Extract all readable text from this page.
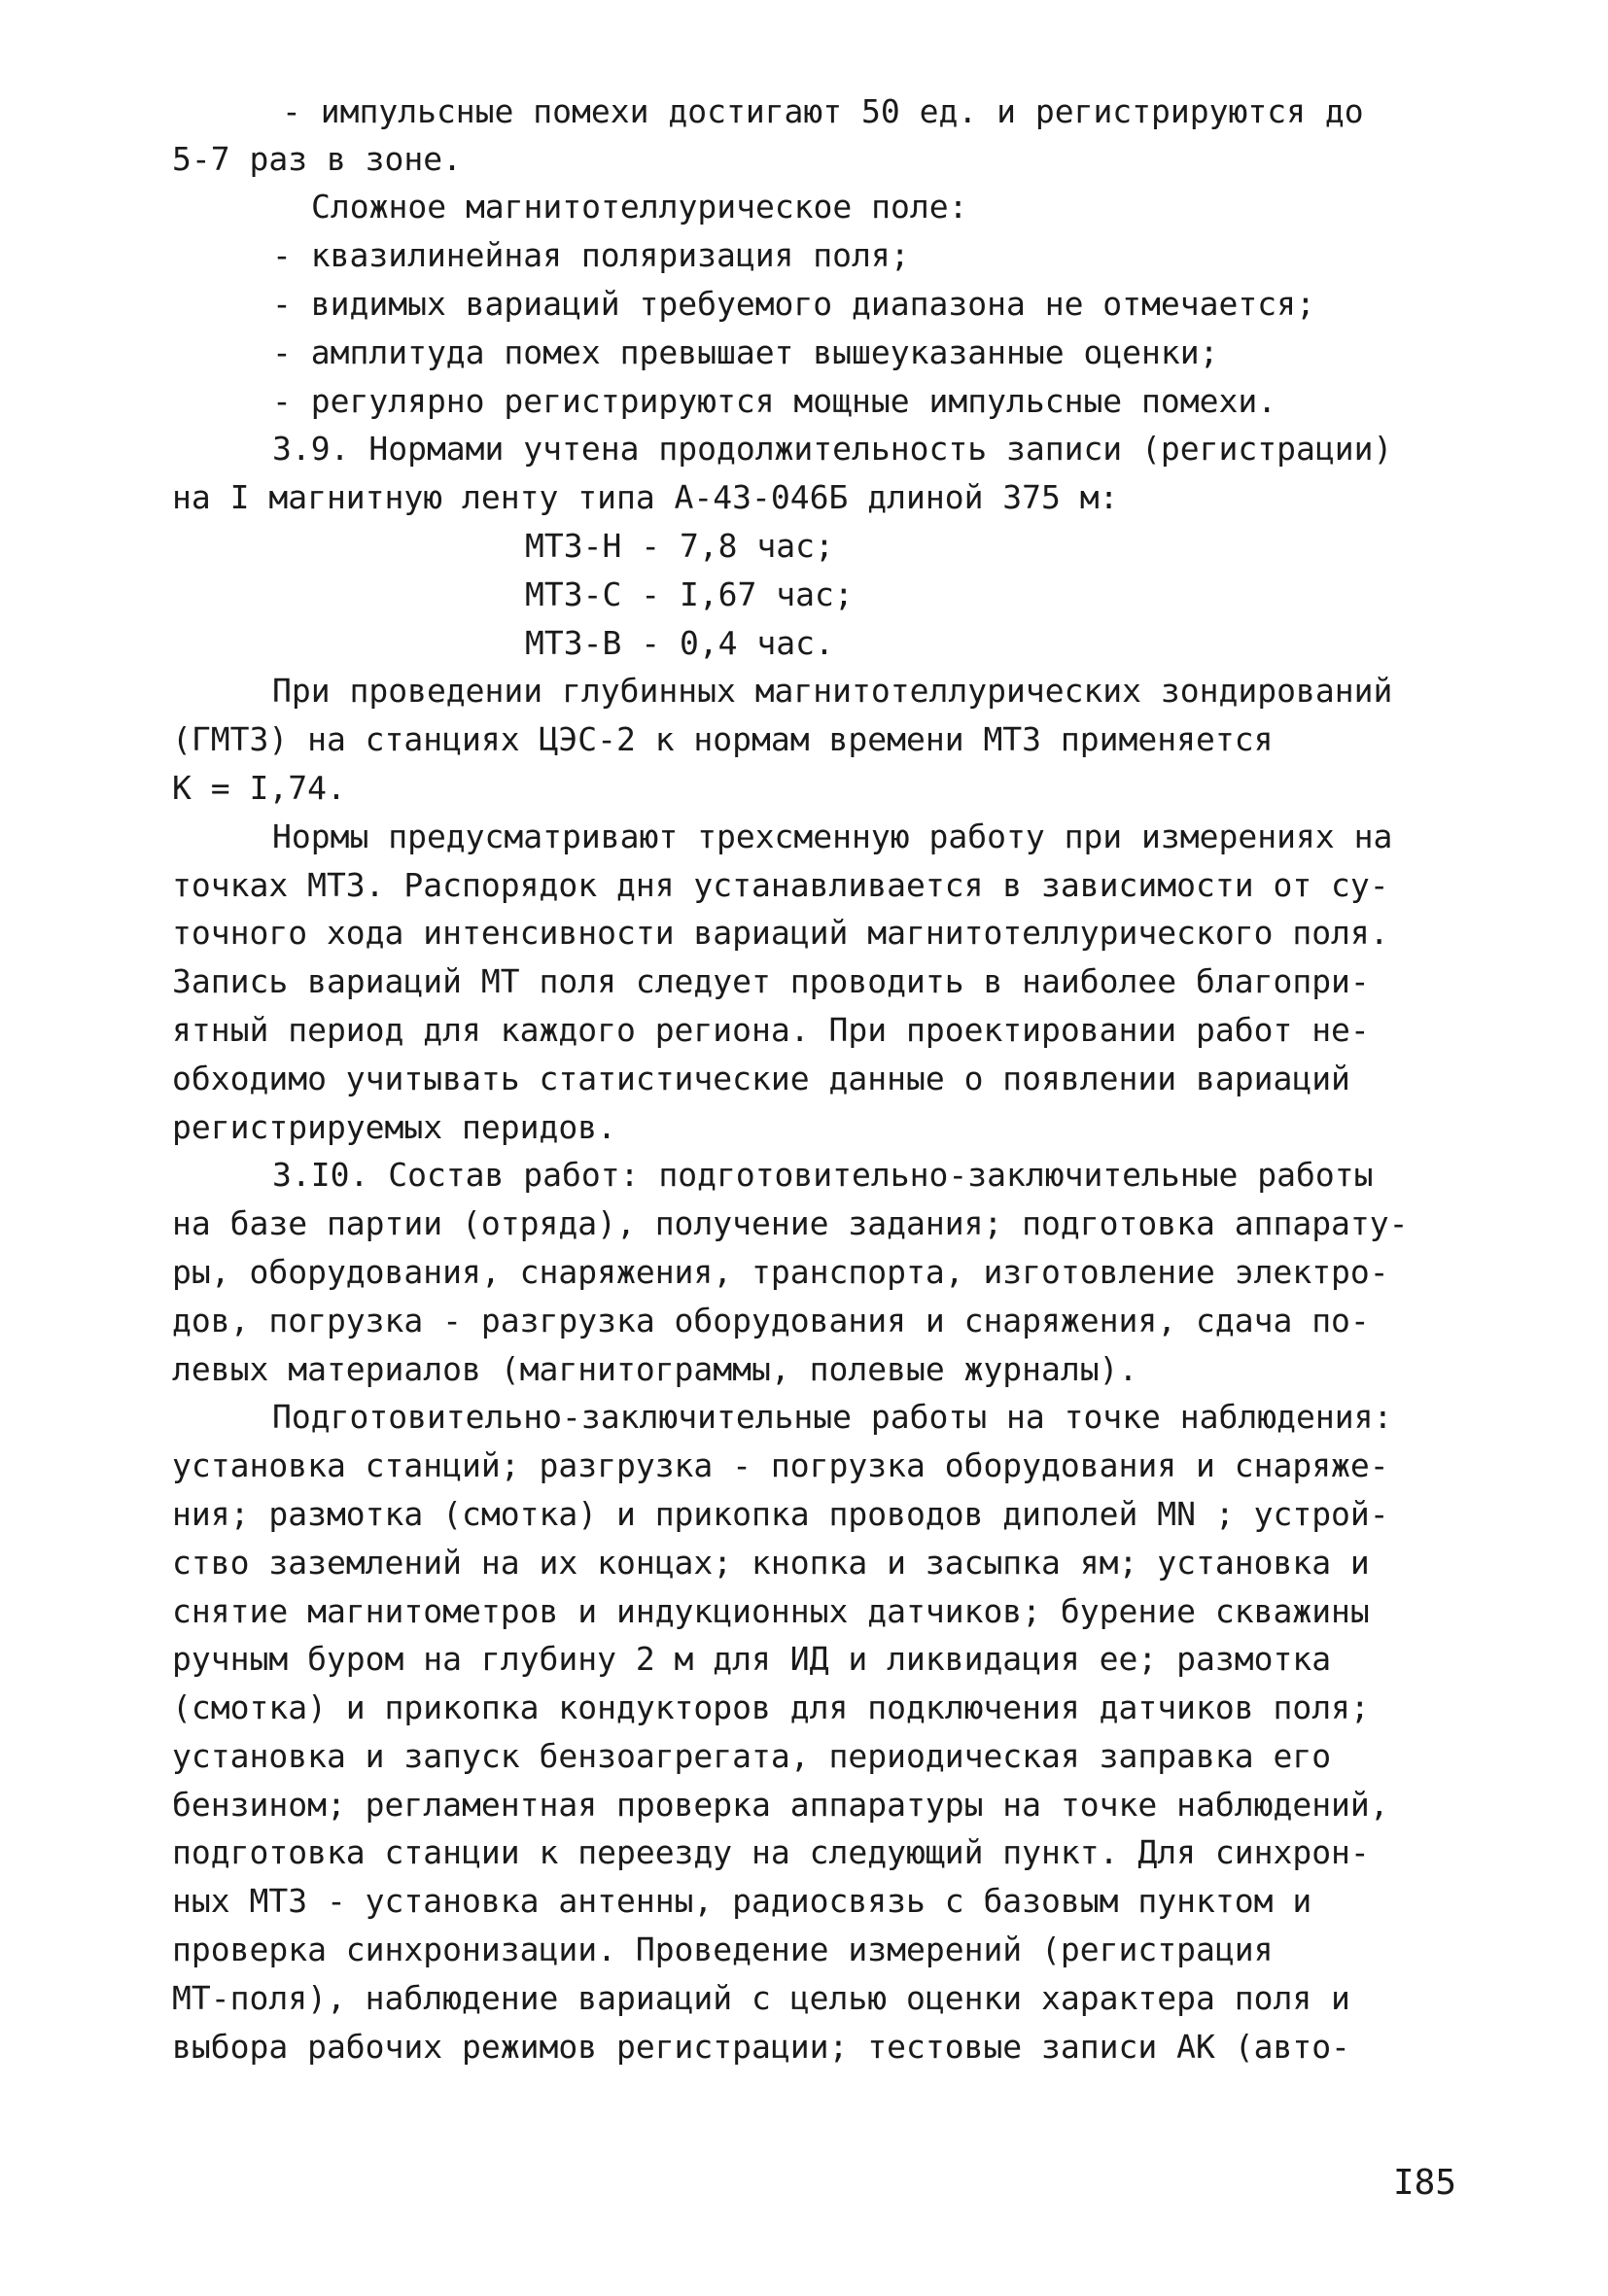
- импульсные помехи достигают 50 ед. и регистрируются до
5-7 раз в зоне.
Сложное магнитотеллурическое поле:
- квазилинейная поляризация поля;
- видимых вариаций требуемого диапазона не отмечается;
- амплитуда помех превышает вышеуказанные оценки;
- регулярно регистрируются мощные импульсные помехи.
3.9. Нормами учтена продолжительность записи (регистрации)
на I магнитную ленту типа А-43-046Б длиной 375 м:
МТЗ-Н - 7,8 час;
МТЗ-С - I,67 час;
МТЗ-В - 0,4 час.
При проведении глубинных магнитотеллурических зондирований
(ГМТЗ) на станциях ЦЭС-2 к нормам времени МТЗ применяется
К = I,74.
Нормы предусматривают трехсменную работу при измерениях на
точках МТЗ. Распорядок дня устанавливается в зависимости от су-
точного хода интенсивности вариаций магнитотеллурического поля.
Запись вариаций МТ поля следует проводить в наиболее благопри-
ятный период для каждого региона. При проектировании работ не-
обходимо учитывать статистические данные о появлении вариаций
регистрируемых перидов.
3.I0. Состав работ: подготовительно-заключительные работы
на базе партии (отряда), получение задания; подготовка аппарату-
ры, оборудования, снаряжения, транспорта, изготовление электро-
дов, погрузка - разгрузка оборудования и снаряжения, сдача по-
левых материалов (магнитограммы, полевые журналы).
Подготовительно-заключительные работы на точке наблюдения:
установка станций; разгрузка - погрузка оборудования и снаряже-
ния; размотка (смотка) и прикопка проводов диполей MN ; устрой-
ство заземлений на их концах; кнопка и засыпка ям; установка и
снятие магнитометров и индукционных датчиков; бурение скважины
ручным буром на глубину 2 м для ИД и ликвидация ее; размотка
(смотка) и прикопка кондукторов для подключения датчиков поля;
установка и запуск бензоагрегата, периодическая заправка его
бензином; регламентная проверка аппаратуры на точке наблюдений,
подготовка станции к переезду на следующий пункт. Для синхрон-
ных МТЗ - установка антенны, радиосвязь с базовым пунктом и
проверка синхронизации. Проведение измерений (регистрация
МТ-поля), наблюдение вариаций с целью оценки характера поля и
выбора рабочих режимов регистрации; тестовые записи АК (авто-
I85
